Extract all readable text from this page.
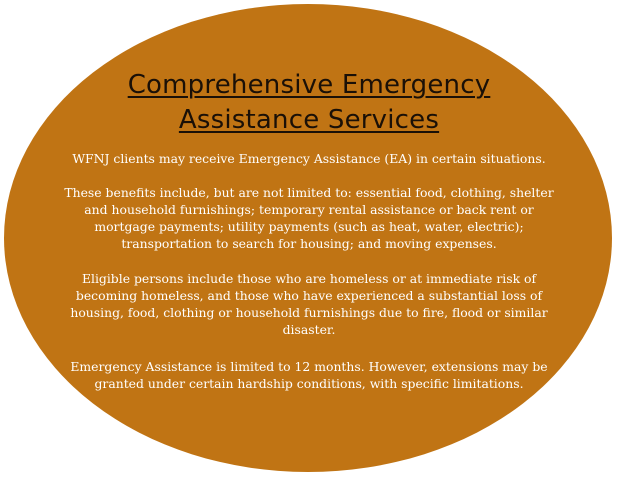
Comprehensive Emergency
Assistance Services

WFNJ clients may receive Emergency Assistance (EA) in certain situations.

These benefits include, but are not limited to: essential food, clothing, shelter and household furnishings; temporary rental assistance or back rent or mortgage payments; utility payments (such as heat, water, electric); transportation to search for housing; and moving expenses.

Eligible persons include those who are homeless or at immediate risk of becoming homeless, and those who have experienced a substantial loss of housing, food, clothing or household furnishings due to fire, flood or similar disaster.

Emergency Assistance is limited to 12 months. However, extensions may be granted under certain hardship conditions, with specific limitations.
